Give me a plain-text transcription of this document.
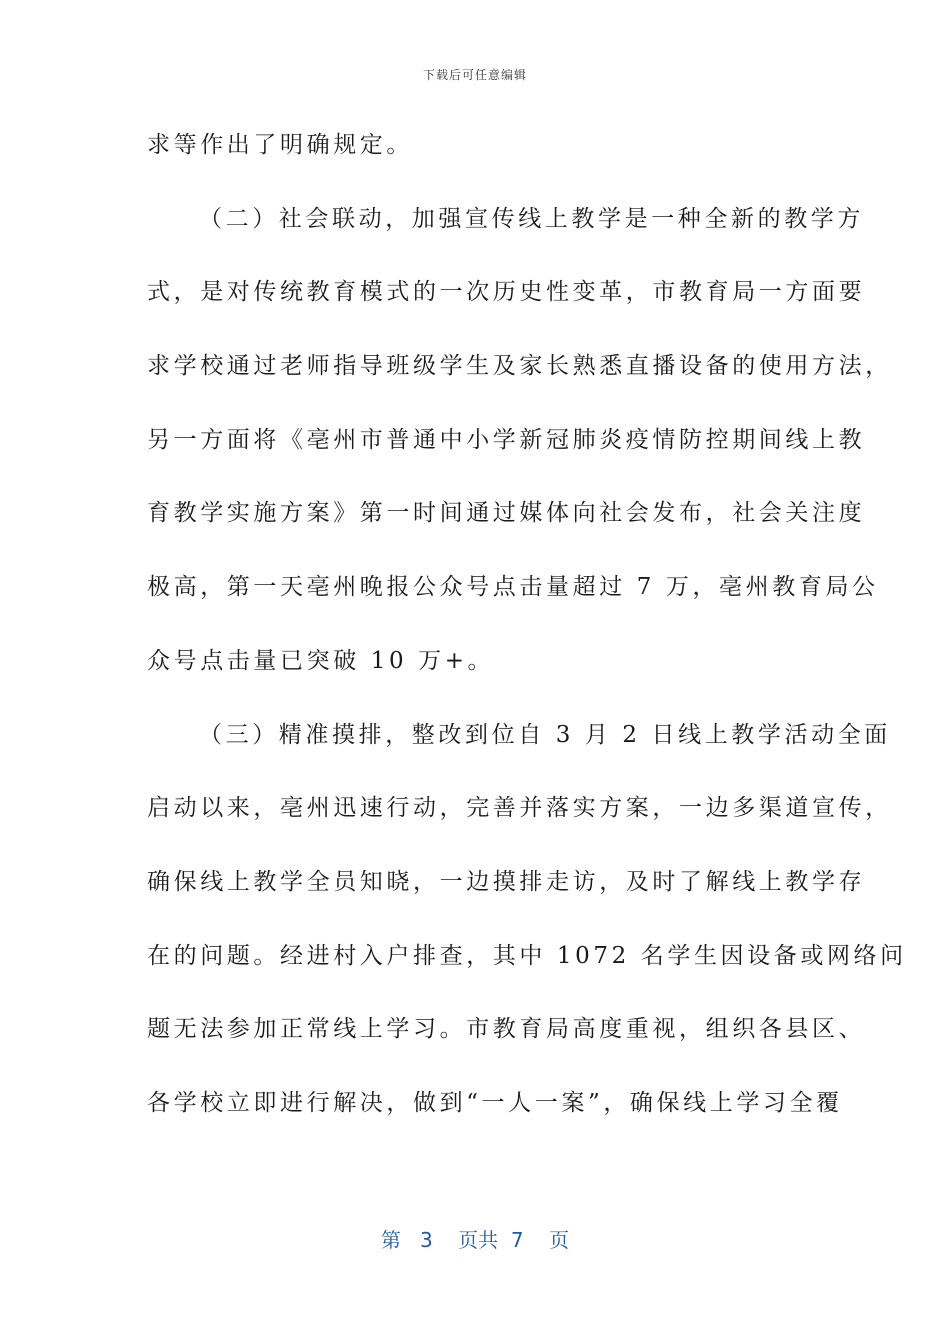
下载后可任意编辑
求等作出了明确规定。
（二）社会联动，加强宣传线上教学是一种全新的教学方
式，是对传统教育模式的一次历史性变革，市教育局一方面要
求学校通过老师指导班级学生及家长熟悉直播设备的使用方法，
另一方面将《亳州市普通中小学新冠肺炎疫情防控期间线上教
育教学实施方案》第一时间通过媒体向社会发布，社会关注度
极高，第一天亳州晚报公众号点击量超过 7 万，亳州教育局公
众号点击量已突破 10 万+。
（三）精准摸排，整改到位自 3 月 2 日线上教学活动全面
启动以来，亳州迅速行动，完善并落实方案，一边多渠道宣传，
确保线上教学全员知晓，一边摸排走访，及时了解线上教学存
在的问题。经进村入户排查，其中 1072 名学生因设备或网络问
题无法参加正常线上学习。市教育局高度重视，组织各县区、
各学校立即进行解决，做到“一人一案”，确保线上学习全覆
第 3 页共 7 页
